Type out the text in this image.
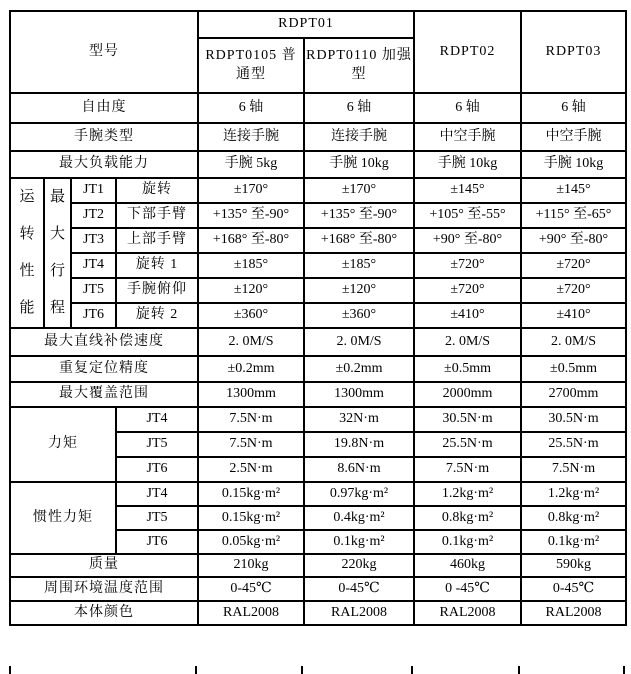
型号				RDPT01		RDPT02	RDPT03
				RDPT0105 普通型	RDPT0110 加强型		
自由度				6 轴	6 轴	6 轴	6 轴
手腕类型				连接手腕	连接手腕	中空手腕	中空手腕
最大负载能力				手腕 5kg	手腕 10kg	手腕 10kg	手腕 10kg
运转性能	最大行程	JT1	旋转	±170°	±170°	±145°	±145°
		JT2	下部手臂	+135° 至-90°	+135° 至-90°	+105° 至-55°	+115° 至-65°
		JT3	上部手臂	+168° 至-80°	+168° 至-80°	+90° 至-80°	+90° 至-80°
		JT4	旋转 1	±185°	±185°	±720°	±720°
		JT5	手腕俯仰	±120°	±120°	±720°	±720°
		JT6	旋转 2	±360°	±360°	±410°	±410°
最大直线补偿速度				2. 0M/S	2. 0M/S	2. 0M/S	2. 0M/S
重复定位精度				±0.2mm	±0.2mm	±0.5mm	±0.5mm
最大覆盖范围				1300mm	1300mm	2000mm	2700mm
力矩			JT4	7.5N·m	32N·m	30.5N·m	30.5N·m
			JT5	7.5N·m	19.8N·m	25.5N·m	25.5N·m
			JT6	2.5N·m	8.6N·m	7.5N·m	7.5N·m
惯性力矩			JT4	0.15kg·m²	0.97kg·m²	1.2kg·m²	1.2kg·m²
			JT5	0.15kg·m²	0.4kg·m²	0.8kg·m²	0.8kg·m²
			JT6	0.05kg·m²	0.1kg·m²	0.1kg·m²	0.1kg·m²
质量				210kg	220kg	460kg	590kg
周围环境温度范围				0-45℃	0-45℃	0 -45℃	0-45℃
本体颜色				RAL2008	RAL2008	RAL2008	RAL2008
